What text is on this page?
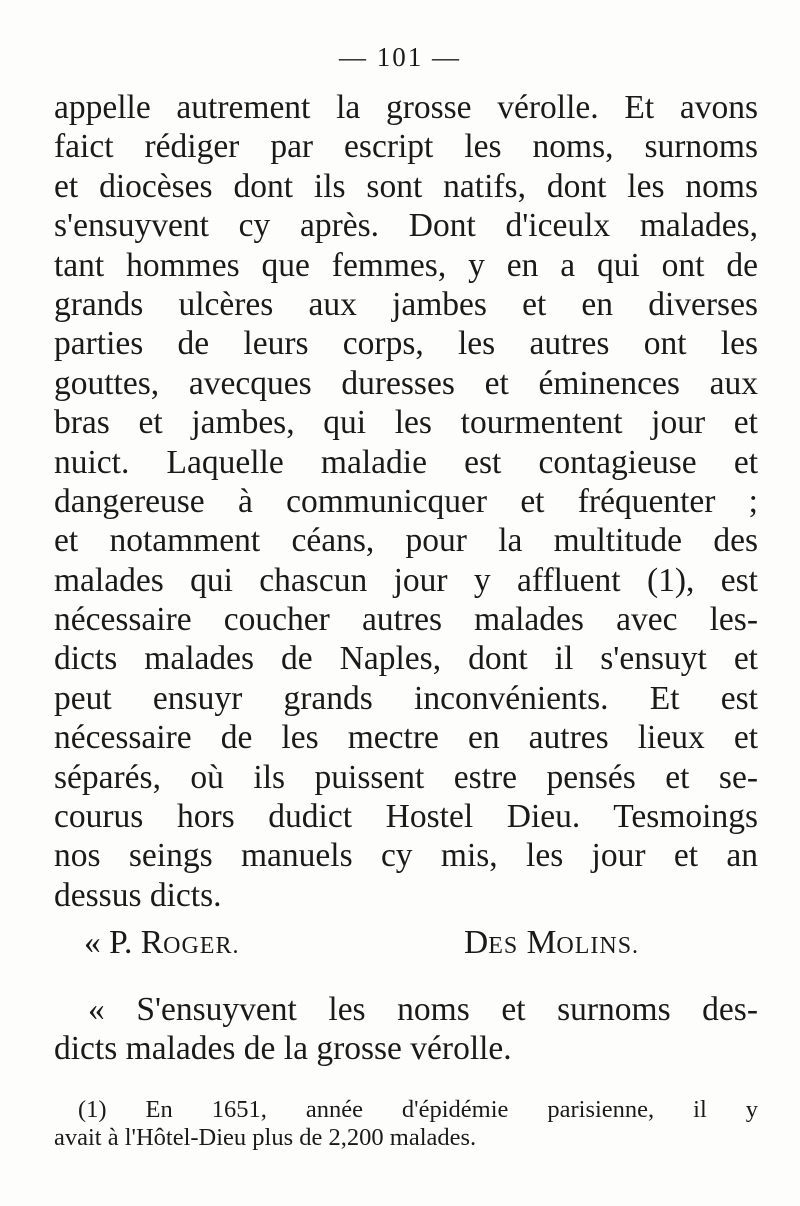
— 101 —
appelle autrement la grosse vérolle. Et avons
faict rédiger par escript les noms, surnoms
et diocèses dont ils sont natifs, dont les noms
s'ensuyvent cy après. Dont d'iceulx malades,
tant hommes que femmes, y en a qui ont de
grands ulcères aux jambes et en diverses
parties de leurs corps, les autres ont les
gouttes, avecques duresses et éminences aux
bras et jambes, qui les tourmentent jour et
nuict. Laquelle maladie est contagieuse et
dangereuse à communicquer et fréquenter ;
et notamment céans, pour la multitude des
malades qui chascun jour y affluent (1), est
nécessaire coucher autres malades avec les-
dicts malades de Naples, dont il s'ensuyt et
peut ensuyr grands inconvénients. Et est
nécessaire de les mectre en autres lieux et
séparés, où ils puissent estre pensés et se-
courus hors dudict Hostel Dieu. Tesmoings
nos seings manuels cy mis, les jour et an
dessus dicts.
« P. ROGER.	DES MOLINS.
« S'ensuyvent les noms et surnoms des-
dicts malades de la grosse vérolle.
(1) En 1651, année d'épidémie parisienne, il y
avait à l'Hôtel-Dieu plus de 2,200 malades.
